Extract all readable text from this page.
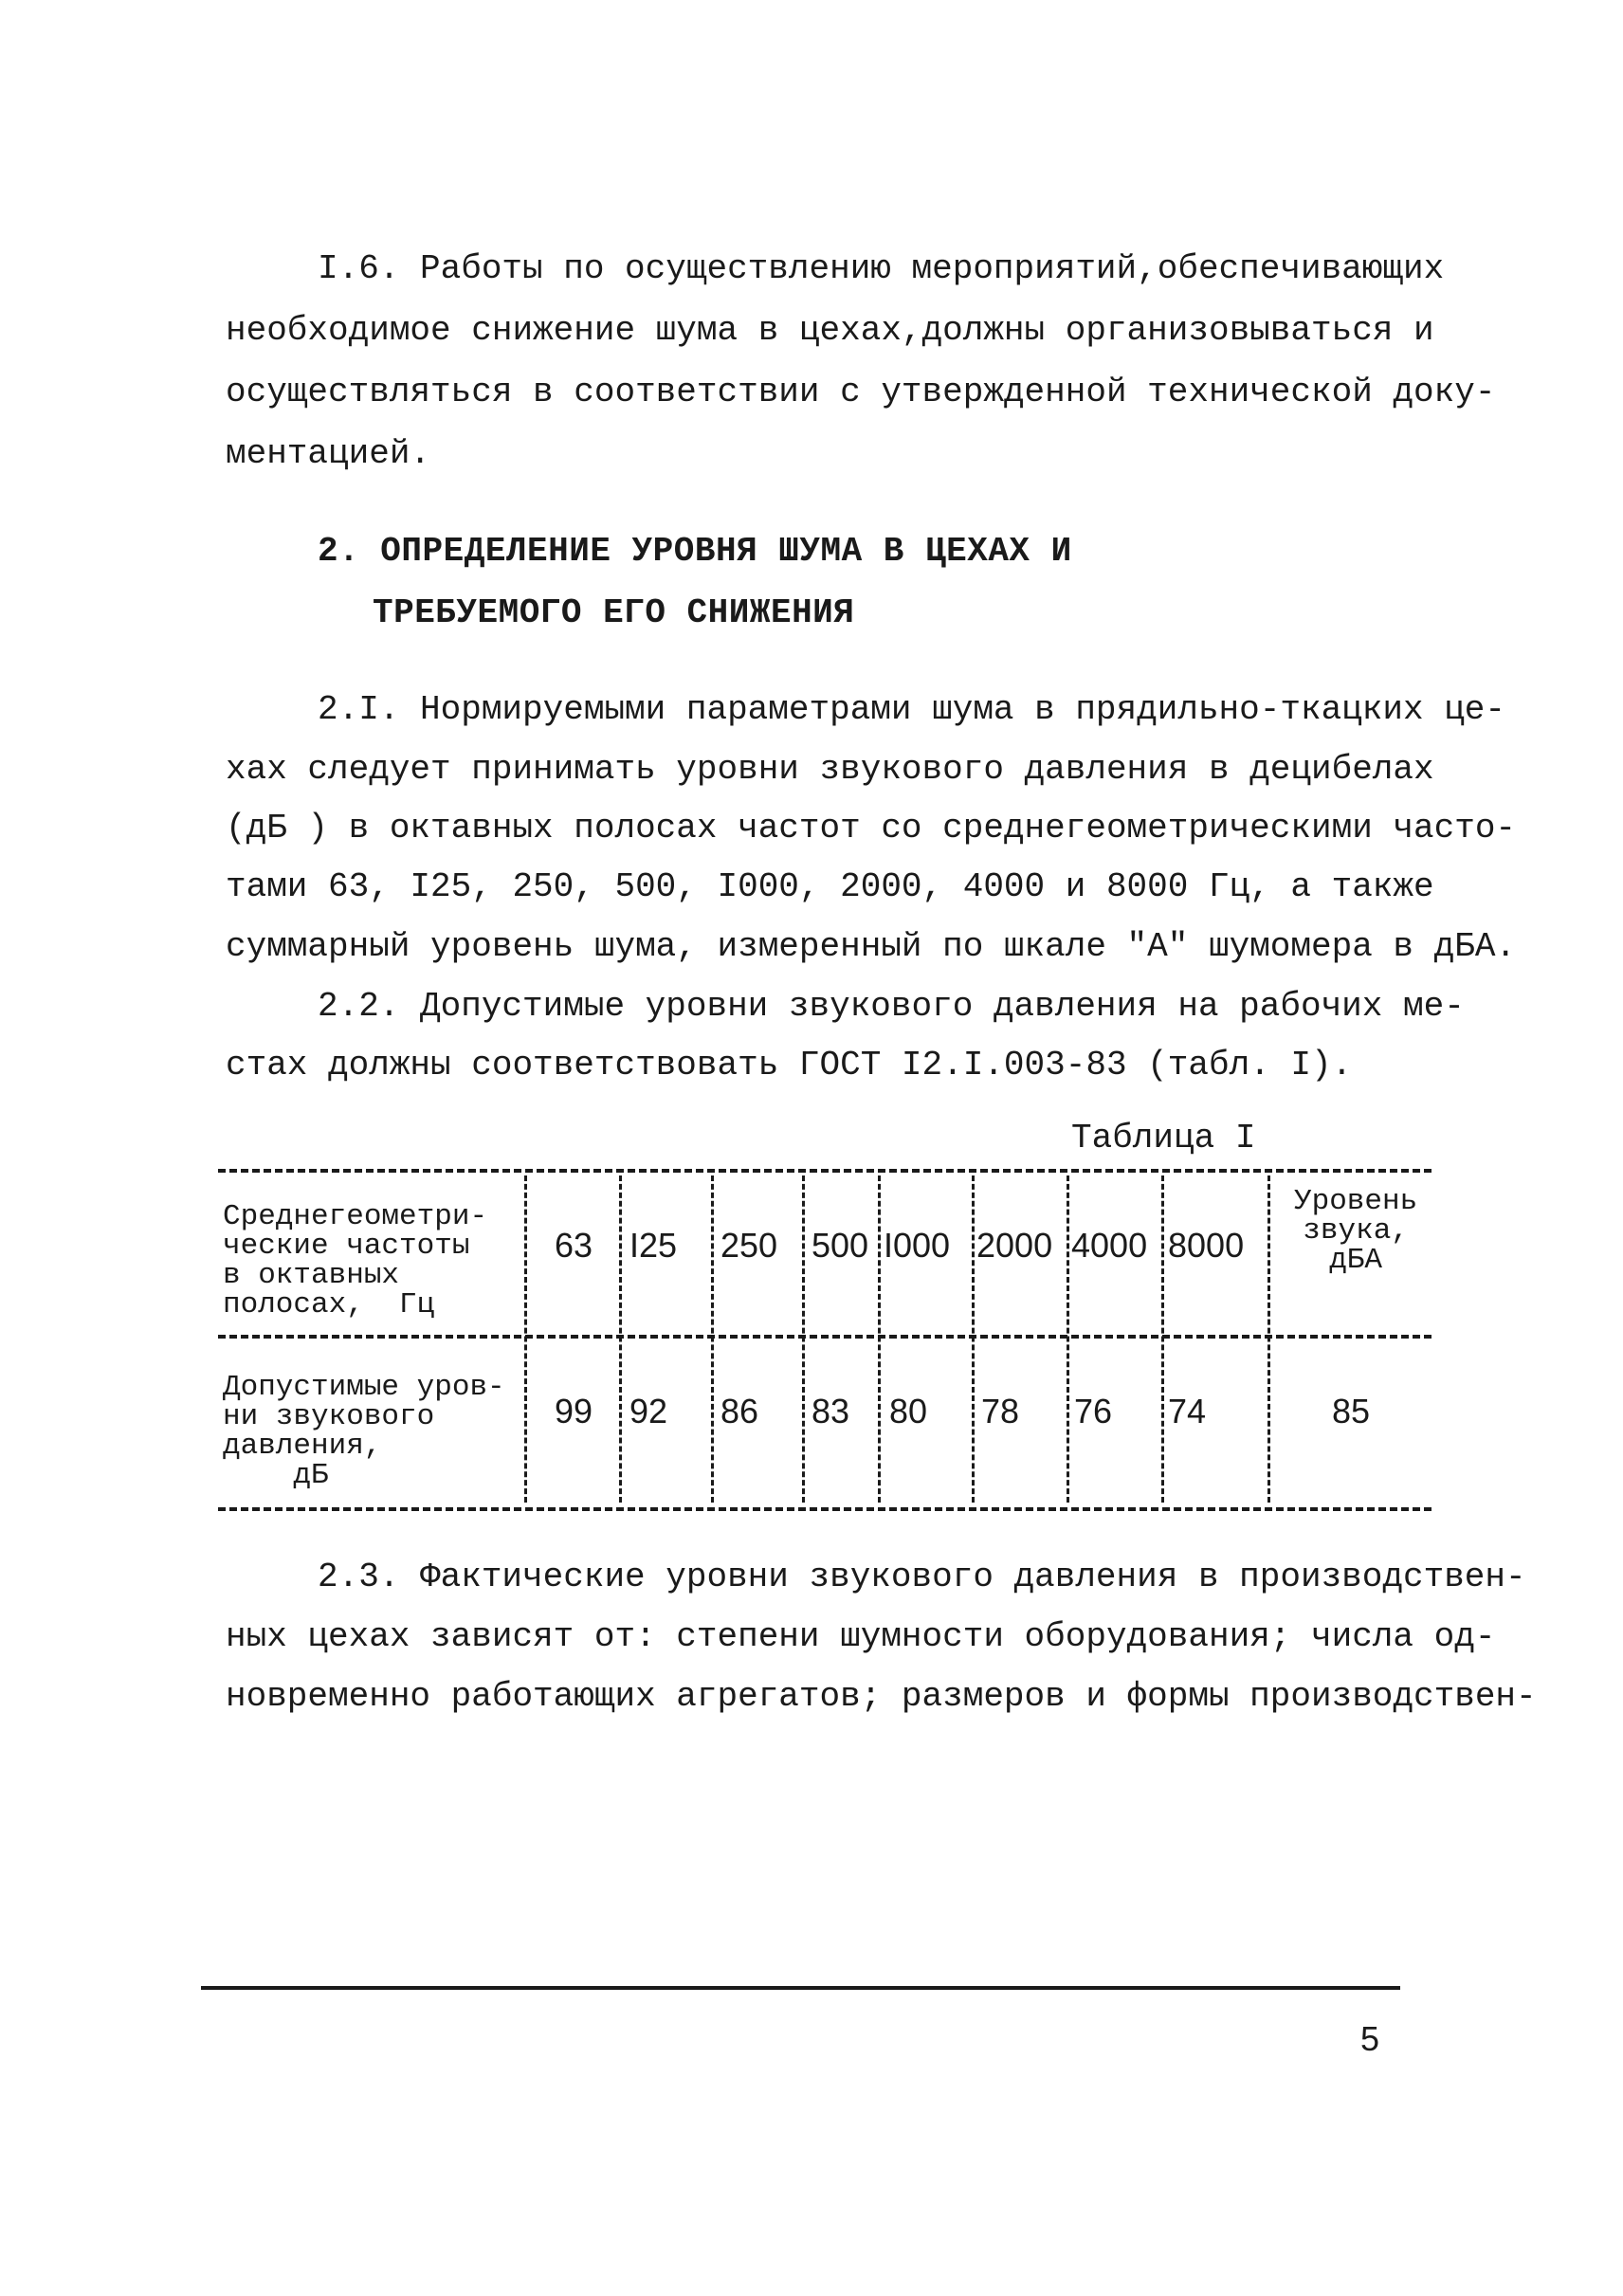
I.6. Работы по осуществлению мероприятий,обеспечивающих
необходимое снижение шума в цехах,должны организовываться и
осуществляться в соответствии с утвержденной технической доку-
ментацией.
2. ОПРЕДЕЛЕНИЕ УРОВНЯ ШУМА В ЦЕХАХ И
ТРЕБУЕМОГО ЕГО СНИЖЕНИЯ
2.I. Нормируемыми параметрами шума в прядильно-ткацких це-
хах следует принимать уровни звукового давления в децибелах
(дБ ) в октавных полосах частот со среднегеометрическими часто-
тами 63, I25, 250, 500, I000, 2000, 4000 и 8000 Гц, а также
суммарный уровень шума, измеренный по шкале "А" шумомера в дБА.
2.2. Допустимые уровни звукового давления на рабочих ме-
стах должны соответствовать ГОСТ I2.I.003-83 (табл. I).
Таблица I
Среднегеометри-
ческие частоты
в октавных
полосах,  Гц
63 I25 250 500 I000 2000 4000 8000
Уровень
звука,
дБА
Допустимые уров-
ни звукового
давления,
дБ
99 92 86 83 80 78 76 74	85
2.3. Фактические уровни звукового давления в производствен-
ных цехах зависят от: степени шумности оборудования; числа од-
новременно работающих агрегатов; размеров и формы производствен-
5
